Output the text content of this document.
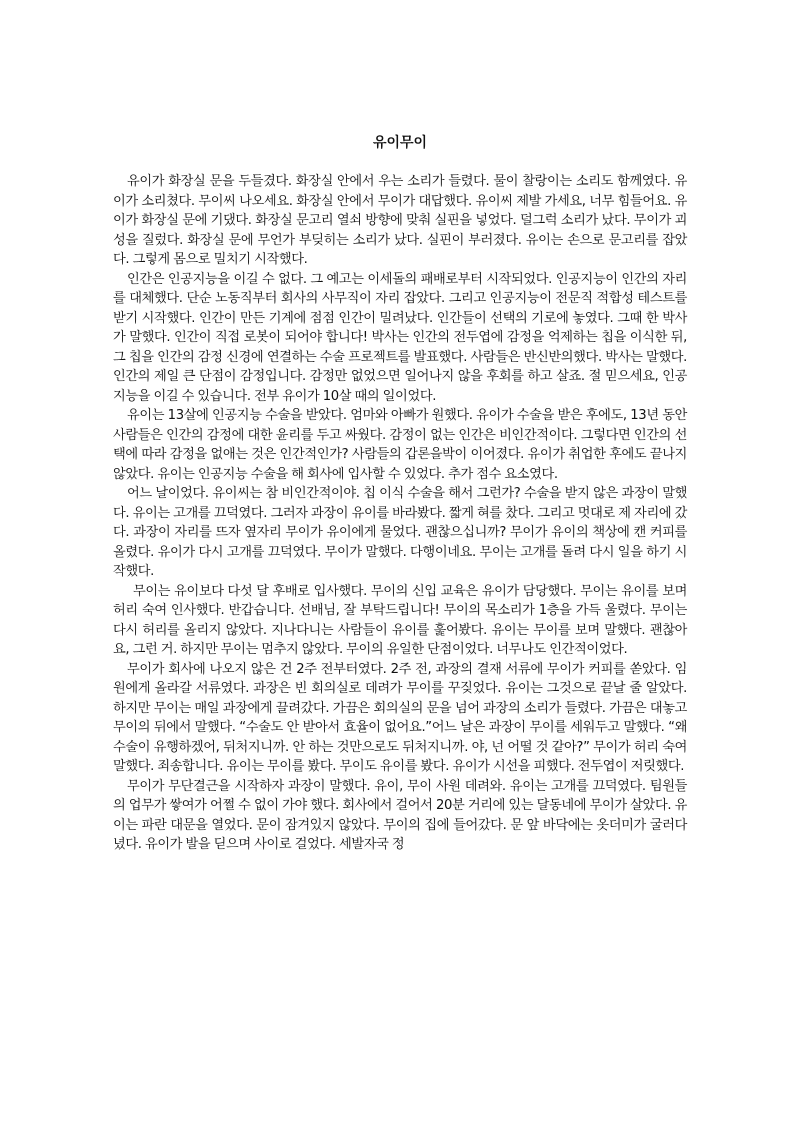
유이무이

유이가 화장실 문을 두들겼다. 화장실 안에서 우는 소리가 들렸다. 물이 찰랑이는 소리도 함께였다. 유이가 소리쳤다. 무이씨 나오세요. 화장실 안에서 무이가 대답했다. 유이씨 제발 가세요, 너무 힘들어요. 유이가 화장실 문에 기댔다. 화장실 문고리 열쇠 방향에 맞춰 실핀을 넣었다. 덜그럭 소리가 났다. 무이가 괴성을 질렀다. 화장실 문에 무언가 부딪히는 소리가 났다. 실핀이 부러졌다. 유이는 손으로 문고리를 잡았다. 그렇게 몸으로 밀치기 시작했다.

인간은 인공지능을 이길 수 없다. 그 예고는 이세돌의 패배로부터 시작되었다. 인공지능이 인간의 자리를 대체했다. 단순 노동직부터 회사의 사무직이 자리 잡았다. 그리고 인공지능이 전문직 적합성 테스트를 받기 시작했다. 인간이 만든 기계에 점점 인간이 밀려났다. 인간들이 선택의 기로에 놓였다. 그때 한 박사가 말했다. 인간이 직접 로봇이 되어야 합니다! 박사는 인간의 전두엽에 감정을 억제하는 칩을 이식한 뒤, 그 칩을 인간의 감정 신경에 연결하는 수술 프로젝트를 발표했다. 사람들은 반신반의했다. 박사는 말했다. 인간의 제일 큰 단점이 감정입니다. 감정만 없었으면 일어나지 않을 후회를 하고 살죠. 절 믿으세요, 인공지능을 이길 수 있습니다. 전부 유이가 10살 때의 일이었다.

유이는 13살에 인공지능 수술을 받았다. 엄마와 아빠가 원했다. 유이가 수술을 받은 후에도, 13년 동안 사람들은 인간의 감정에 대한 윤리를 두고 싸웠다. 감정이 없는 인간은 비인간적이다. 그렇다면 인간의 선택에 따라 감정을 없애는 것은 인간적인가? 사람들의 갑론을박이 이어졌다. 유이가 취업한 후에도 끝나지 않았다. 유이는 인공지능 수술을 해 회사에 입사할 수 있었다. 추가 점수 요소였다.

어느 날이었다. 유이씨는 참 비인간적이야. 칩 이식 수술을 해서 그런가? 수술을 받지 않은 과장이 말했다. 유이는 고개를 끄덕였다. 그러자 과장이 유이를 바라봤다. 짧게 혀를 찼다. 그리고 멋대로 제 자리에 갔다. 과장이 자리를 뜨자 옆자리 무이가 유이에게 물었다. 괜찮으십니까? 무이가 유이의 책상에 캔 커피를 올렸다. 유이가 다시 고개를 끄덕였다. 무이가 말했다. 다행이네요. 무이는 고개를 돌려 다시 일을 하기 시작했다.

무이는 유이보다 다섯 달 후배로 입사했다. 무이의 신입 교육은 유이가 담당했다. 무이는 유이를 보며 허리 숙여 인사했다. 반갑습니다. 선배님, 잘 부탁드립니다! 무이의 목소리가 1층을 가득 울렸다. 무이는 다시 허리를 올리지 않았다. 지나다니는 사람들이 유이를 훑어봤다. 유이는 무이를 보며 말했다. 괜찮아요, 그런 거. 하지만 무이는 멈추지 않았다. 무이의 유일한 단점이었다. 너무나도 인간적이었다.

무이가 회사에 나오지 않은 건 2주 전부터였다. 2주 전, 과장의 결재 서류에 무이가 커피를 쏟았다. 임원에게 올라갈 서류였다. 과장은 빈 회의실로 데려가 무이를 꾸짖었다. 유이는 그것으로 끝날 줄 알았다. 하지만 무이는 매일 과장에게 끌려갔다. 가끔은 회의실의 문을 넘어 과장의 소리가 들렸다. 가끔은 대놓고 무이의 뒤에서 말했다. “수술도 안 받아서 효율이 없어요.”어느 날은 과장이 무이를 세워두고 말했다. “왜 수술이 유행하겠어, 뒤처지니까. 안 하는 것만으로도 뒤처지니까. 야, 넌 어떨 것 같아?” 무이가 허리 숙여 말했다. 죄송합니다. 유이는 무이를 봤다. 무이도 유이를 봤다. 유이가 시선을 피했다. 전두엽이 저릿했다.

무이가 무단결근을 시작하자 과장이 말했다. 유이, 무이 사원 데려와. 유이는 고개를 끄덕였다. 팀원들의 업무가 쌓여가 어쩔 수 없이 가야 했다. 회사에서 걸어서 20분 거리에 있는 달동네에 무이가 살았다. 유이는 파란 대문을 열었다. 문이 잠겨있지 않았다. 무이의 집에 들어갔다. 문 앞 바닥에는 옷더미가 굴러다녔다. 유이가 발을 딛으며 사이로 걸었다. 세발자국 정
